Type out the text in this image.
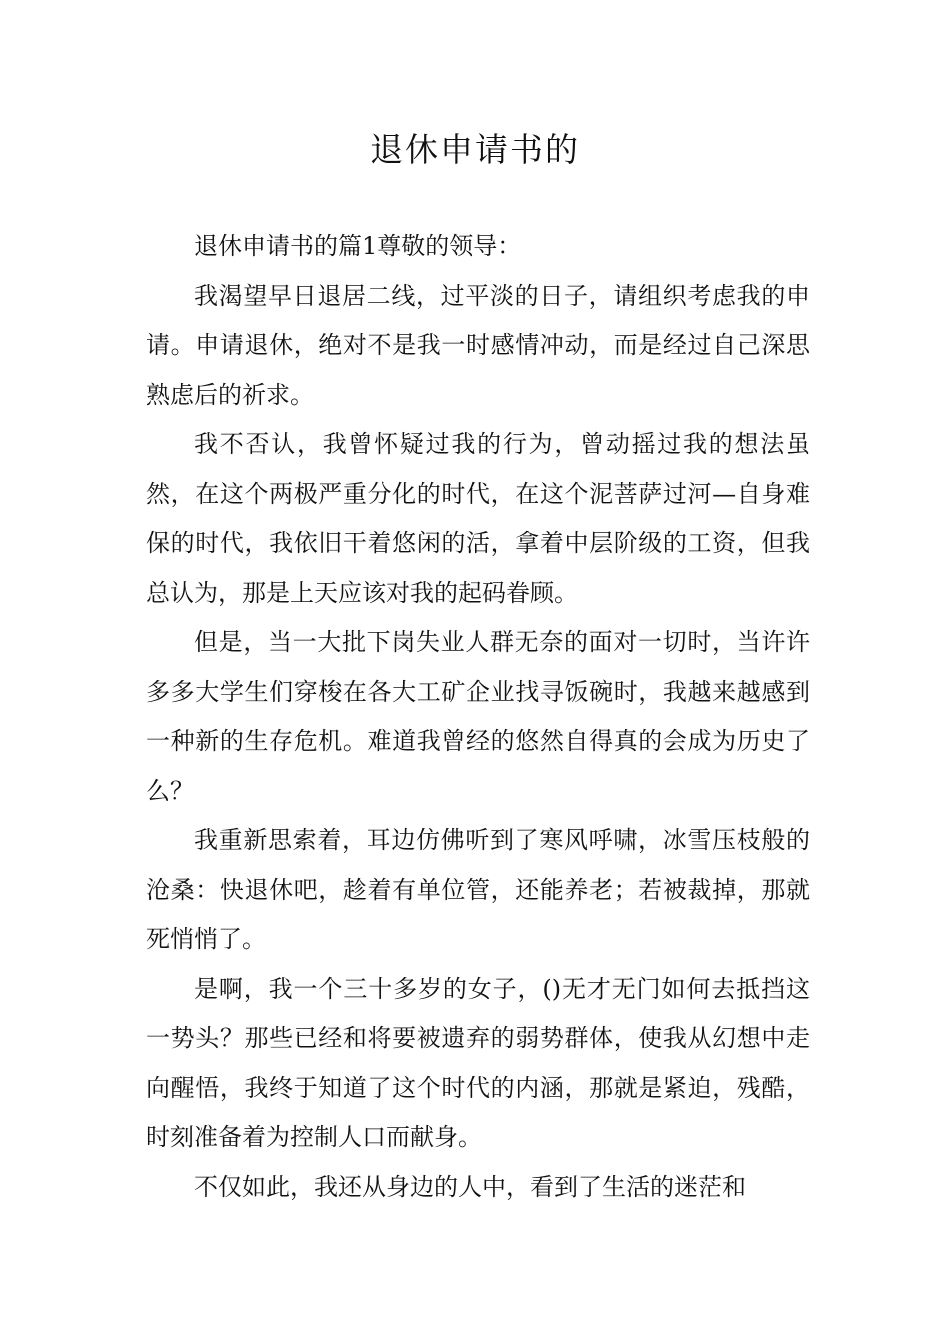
退休申请书的

退休申请书的篇1尊敬的领导：

我渴望早日退居二线，过平淡的日子，请组织考虑我的申请。申请退休，绝对不是我一时感情冲动，而是经过自己深思熟虑后的祈求。

我不否认，我曾怀疑过我的行为，曾动摇过我的想法虽然，在这个两极严重分化的时代，在这个泥菩萨过河—自身难保的时代，我依旧干着悠闲的活，拿着中层阶级的工资，但我总认为，那是上天应该对我的起码眷顾。

但是，当一大批下岗失业人群无奈的面对一切时，当许许多多大学生们穿梭在各大工矿企业找寻饭碗时，我越来越感到一种新的生存危机。难道我曾经的悠然自得真的会成为历史了么？

我重新思索着，耳边仿佛听到了寒风呼啸，冰雪压枝般的沧桑：快退休吧，趁着有单位管，还能养老；若被裁掉，那就死悄悄了。

是啊，我一个三十多岁的女子，()无才无门如何去抵挡这一势头？那些已经和将要被遗弃的弱势群体，使我从幻想中走向醒悟，我终于知道了这个时代的内涵，那就是紧迫，残酷，时刻准备着为控制人口而献身。

不仅如此，我还从身边的人中，看到了生活的迷茫和
